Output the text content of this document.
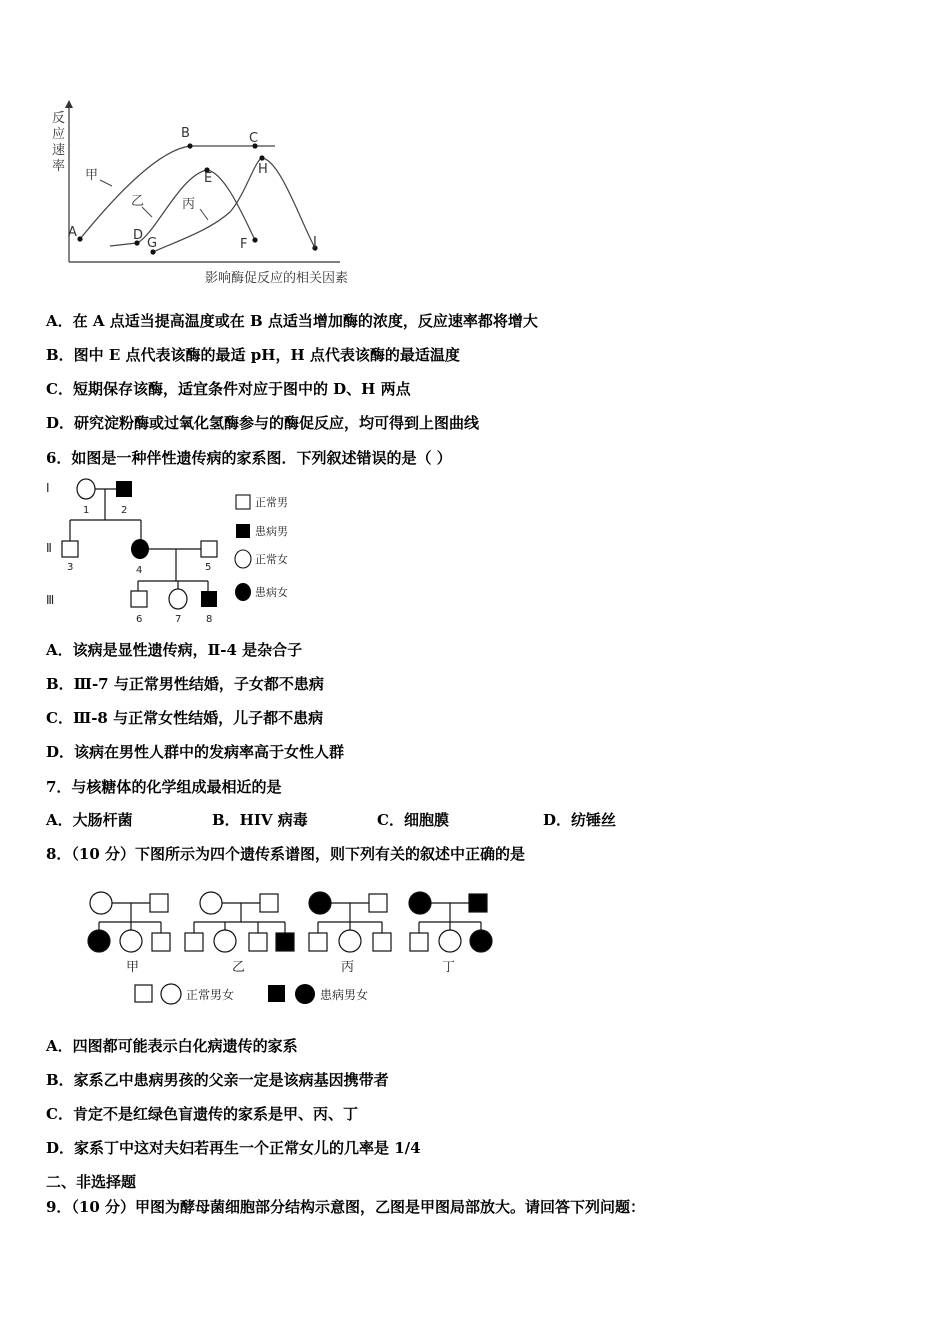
反
应
速
率
影响酶促反应的相关因素
甲
乙	丙
A
B	C
D
E
F
G
H
J
A．在 A 点适当提高温度或在 B 点适当增加酶的浓度，反应速率都将增大
B．图中 E 点代表该酶的最适 pH，H 点代表该酶的最适温度
C．短期保存该酶，适宜条件对应于图中的 D、H 两点
D．研究淀粉酶或过氧化氢酶参与的酶促反应，均可得到上图曲线
6．如图是一种伴性遗传病的家系图．下列叙述错误的是（ ）
Ⅰ
Ⅱ
Ⅲ
1	2
3	4	5
6	7 8
正常男
患病男
正常女
患病女
A．该病是显性遗传病，Ⅱ-4 是杂合子
B．Ⅲ-7 与正常男性结婚，子女都不患病
C．Ⅲ-8 与正常女性结婚，儿子都不患病
D．该病在男性人群中的发病率高于女性人群
7．与核糖体的化学组成最相近的是
A．大肠杆菌	B．HIV 病毒	C．细胞膜	D．纺锤丝
8．（10 分）下图所示为四个遗传系谱图，则下列有关的叙述中正确的是
甲	乙	丙	丁
正常男女	患病男女
A．四图都可能表示白化病遗传的家系
B．家系乙中患病男孩的父亲一定是该病基因携带者
C．肯定不是红绿色盲遗传的家系是甲、丙、丁
D．家系丁中这对夫妇若再生一个正常女儿的几率是 1/4
二、非选择题
9．（10 分）甲图为酵母菌细胞部分结构示意图，乙图是甲图局部放大。请回答下列问题：
